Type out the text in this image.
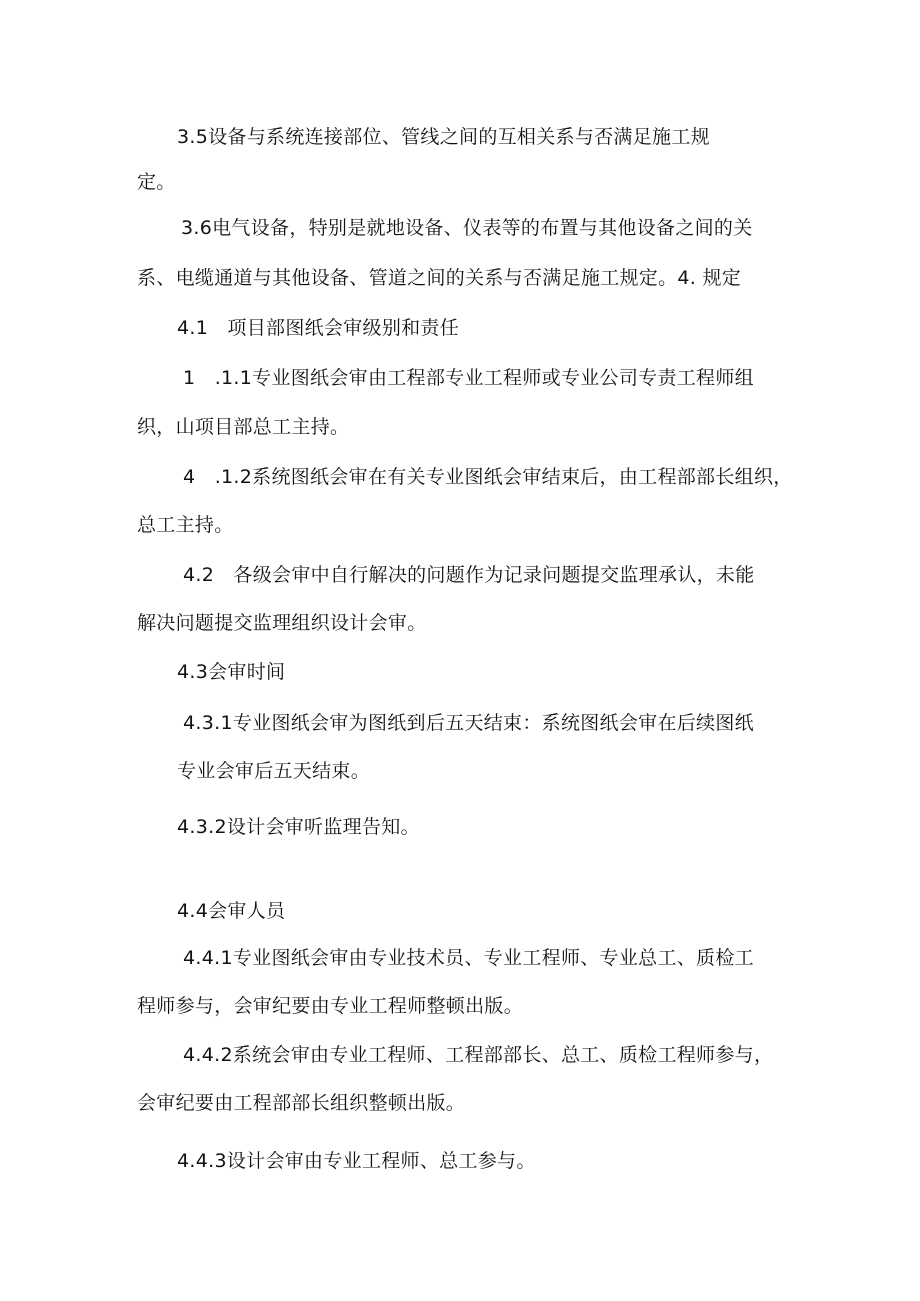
3.5设备与系统连接部位、管线之间的互相关系与否满足施工规
定。
3.6电气设备，特别是就地设备、仪表等的布置与其他设备之间的关
系、电缆通道与其他设备、管道之间的关系与否满足施工规定。4. 规定
4.1　项目部图纸会审级别和责任
1　.1.1专业图纸会审由工程部专业工程师或专业公司专责工程师组
织，山项目部总工主持。
4　.1.2系统图纸会审在有关专业图纸会审结束后，由工程部部长组织，
总工主持。
4.2　各级会审中自行解决的问题作为记录问题提交监理承认，未能
解决问题提交监理组织设计会审。
4.3会审时间
4.3.1专业图纸会审为图纸到后五天结束：系统图纸会审在后续图纸
专业会审后五天结束。
4.3.2设计会审听监理告知。
4.4会审人员
4.4.1专业图纸会审由专业技术员、专业工程师、专业总工、质检工
程师参与，会审纪要由专业工程师整顿出版。
4.4.2系统会审由专业工程师、工程部部长、总工、质检工程师参与，
会审纪要由工程部部长组织整顿出版。
4.4.3设计会审由专业工程师、总工参与。
